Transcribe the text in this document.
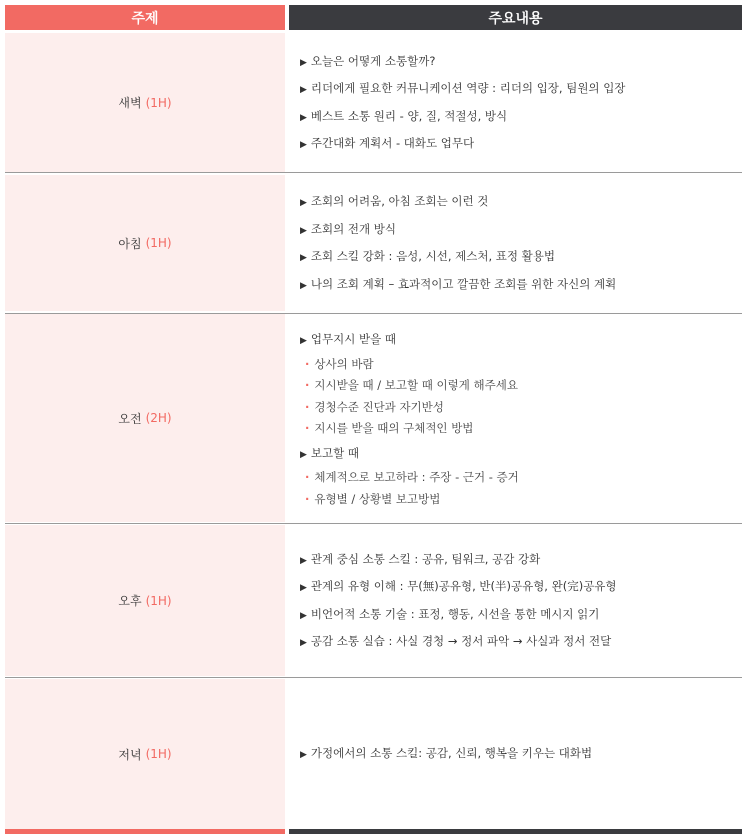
주제	주요내용
새벽 (1H)
▶ 오늘은 어떻게 소통할까?
▶ 리더에게 필요한 커뮤니케이션 역량 : 리더의 입장, 팀원의 입장
▶ 베스트 소통 원리 - 양, 질, 적절성, 방식
▶ 주간대화 계획서 - 대화도 업무다
아침 (1H)
▶ 조회의 어려움, 아침 조회는 이런 것
▶ 조회의 전개 방식
▶ 조회 스킬 강화 : 음성, 시선, 제스처, 표정 활용법
▶ 나의 조회 계획 – 효과적이고 깔끔한 조회를 위한 자신의 계획
오전 (2H)
▶ 업무지시 받을 때
· 상사의 바람
· 지시받을 때 / 보고할 때 이렇게 해주세요
· 경청수준 진단과 자기반성
· 지시를 받을 때의 구체적인 방법
▶ 보고할 때
· 체계적으로 보고하라 : 주장 - 근거 - 증거
· 유형별 / 상황별 보고방법
오후 (1H)
▶ 관계 중심 소통 스킬 : 공유, 팀워크, 공감 강화
▶ 관계의 유형 이해 : 무(無)공유형, 반(半)공유형, 완(完)공유형
▶ 비언어적 소통 기술 : 표정, 행동, 시선을 통한 메시지 읽기
▶ 공감 소통 실습 : 사실 경청 → 정서 파악 → 사실과 정서 전달
저녁 (1H)	▶ 가정에서의 소통 스킬: 공감, 신뢰, 행복을 키우는 대화법
